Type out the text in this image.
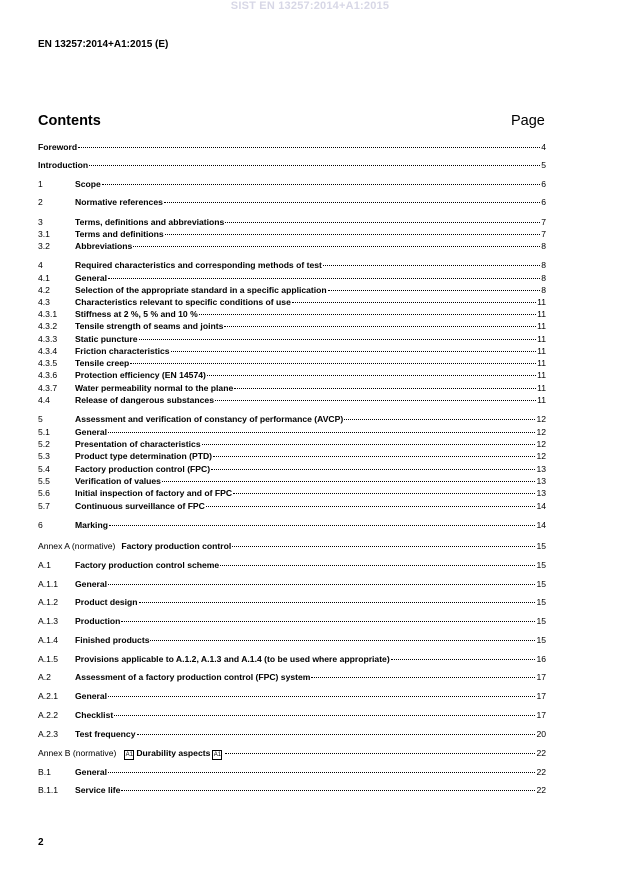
SIST EN 13257:2014+A1:2015
EN 13257:2014+A1:2015 (E)
Contents	Page
Foreword	4
Introduction	5
1	Scope	6
2	Normative references	6
3	Terms, definitions and abbreviations	7
3.1	Terms and definitions	7
3.2	Abbreviations	8
4	Required characteristics and corresponding methods of test	8
4.1	General	8
4.2	Selection of the appropriate standard in a specific application	8
4.3	Characteristics relevant to specific conditions of use	11
4.3.1	Stiffness at 2 %, 5 % and 10 %	11
4.3.2	Tensile strength of seams and joints	11
4.3.3	Static puncture	11
4.3.4	Friction characteristics	11
4.3.5	Tensile creep	11
4.3.6	Protection efficiency (EN 14574)	11
4.3.7	Water permeability normal to the plane	11
4.4	Release of dangerous substances	11
5	Assessment and verification of constancy of performance (AVCP)	12
5.1	General	12
5.2	Presentation of characteristics	12
5.3	Product type determination (PTD)	12
5.4	Factory production control (FPC)	13
5.5	Verification of values	13
5.6	Initial inspection of factory and of FPC	13
5.7	Continuous surveillance of FPC	14
6	Marking	14
Annex A (normative) Factory production control	15
A.1	Factory production control scheme	15
A.1.1	General	15
A.1.2	Product design	15
A.1.3	Production	15
A.1.4	Finished products	15
A.1.5	Provisions applicable to A.1.2, A.1.3 and A.1.4 (to be used where appropriate)	16
A.2	Assessment of a factory production control (FPC) system	17
A.2.1	General	17
A.2.2	Checklist	17
A.2.3	Test frequency	20
Annex B (normative) A1 Durability aspects A1	22
B.1	General	22
B.1.1	Service life	22
2
